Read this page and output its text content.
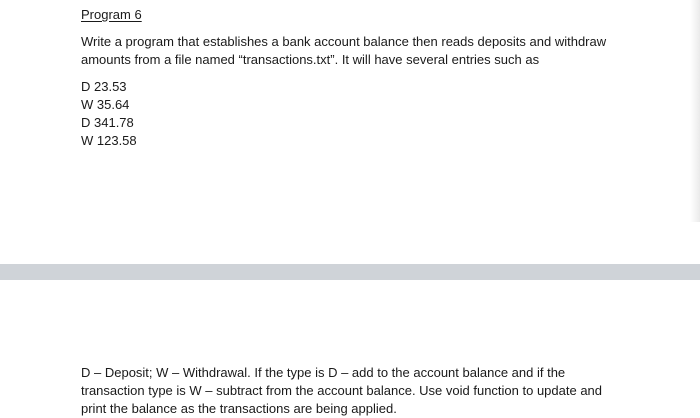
Program 6

Write a program that establishes a bank account balance then reads deposits and withdraw
amounts from a file named “transactions.txt”. It will have several entries such as

D 23.53
W 35.64
D 341.78
W 123.58

D – Deposit; W – Withdrawal. If the type is D – add to the account balance and if the
transaction type is W – subtract from the account balance. Use void function to update and
print the balance as the transactions are being applied.
